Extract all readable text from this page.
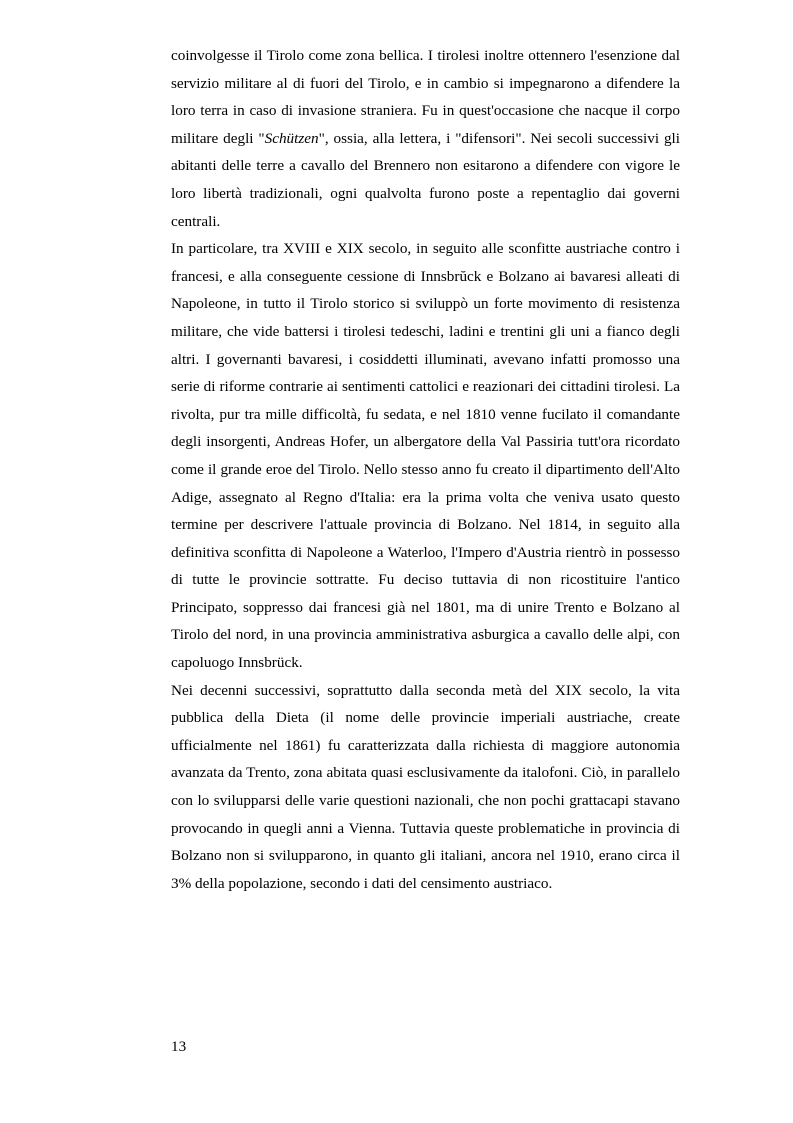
coinvolgesse il Tirolo come zona bellica. I tirolesi inoltre ottennero l'esenzione dal servizio militare al di fuori del Tirolo, e in cambio si impegnarono a difendere la loro terra in caso di invasione straniera. Fu in quest'occasione che nacque il corpo militare degli "Schützen", ossia, alla lettera, i "difensori". Nei secoli successivi gli abitanti delle terre a cavallo del Brennero non esitarono a difendere con vigore le loro libertà tradizionali, ogni qualvolta furono poste a repentaglio dai governi centrali.

In particolare, tra XVIII e XIX secolo, in seguito alle sconfitte austriache contro i francesi, e alla conseguente cessione di Innsbrŭck e Bolzano ai bavaresi alleati di Napoleone, in tutto il Tirolo storico si sviluppò un forte movimento di resistenza militare, che vide battersi i tirolesi tedeschi, ladini e trentini gli uni a fianco degli altri. I governanti bavaresi, i cosiddetti illuminati, avevano infatti promosso una serie di riforme contrarie ai sentimenti cattolici e reazionari dei cittadini tirolesi. La rivolta, pur tra mille difficoltà, fu sedata, e nel 1810 venne fucilato il comandante degli insorgenti, Andreas Hofer, un albergatore della Val Passiria tutt'ora ricordato come il grande eroe del Tirolo. Nello stesso anno fu creato il dipartimento dell'Alto Adige, assegnato al Regno d'Italia: era la prima volta che veniva usato questo termine per descrivere l'attuale provincia di Bolzano. Nel 1814, in seguito alla definitiva sconfitta di Napoleone a Waterloo, l'Impero d'Austria rientrò in possesso di tutte le provincie sottratte. Fu deciso tuttavia di non ricostituire l'antico Principato, soppresso dai francesi già nel 1801, ma di unire Trento e Bolzano al Tirolo del nord, in una provincia amministrativa asburgica a cavallo delle alpi, con capoluogo Innsbrück.

Nei decenni successivi, soprattutto dalla seconda metà del XIX secolo, la vita pubblica della Dieta (il nome delle provincie imperiali austriache, create ufficialmente nel 1861) fu caratterizzata dalla richiesta di maggiore autonomia avanzata da Trento, zona abitata quasi esclusivamente da italofoni. Ciò, in parallelo con lo svilupparsi delle varie questioni nazionali, che non pochi grattacapi stavano provocando in quegli anni a Vienna. Tuttavia queste problematiche in provincia di Bolzano non si svilupparono, in quanto gli italiani, ancora nel 1910, erano circa il 3% della popolazione, secondo i dati del censimento austriaco.

13
